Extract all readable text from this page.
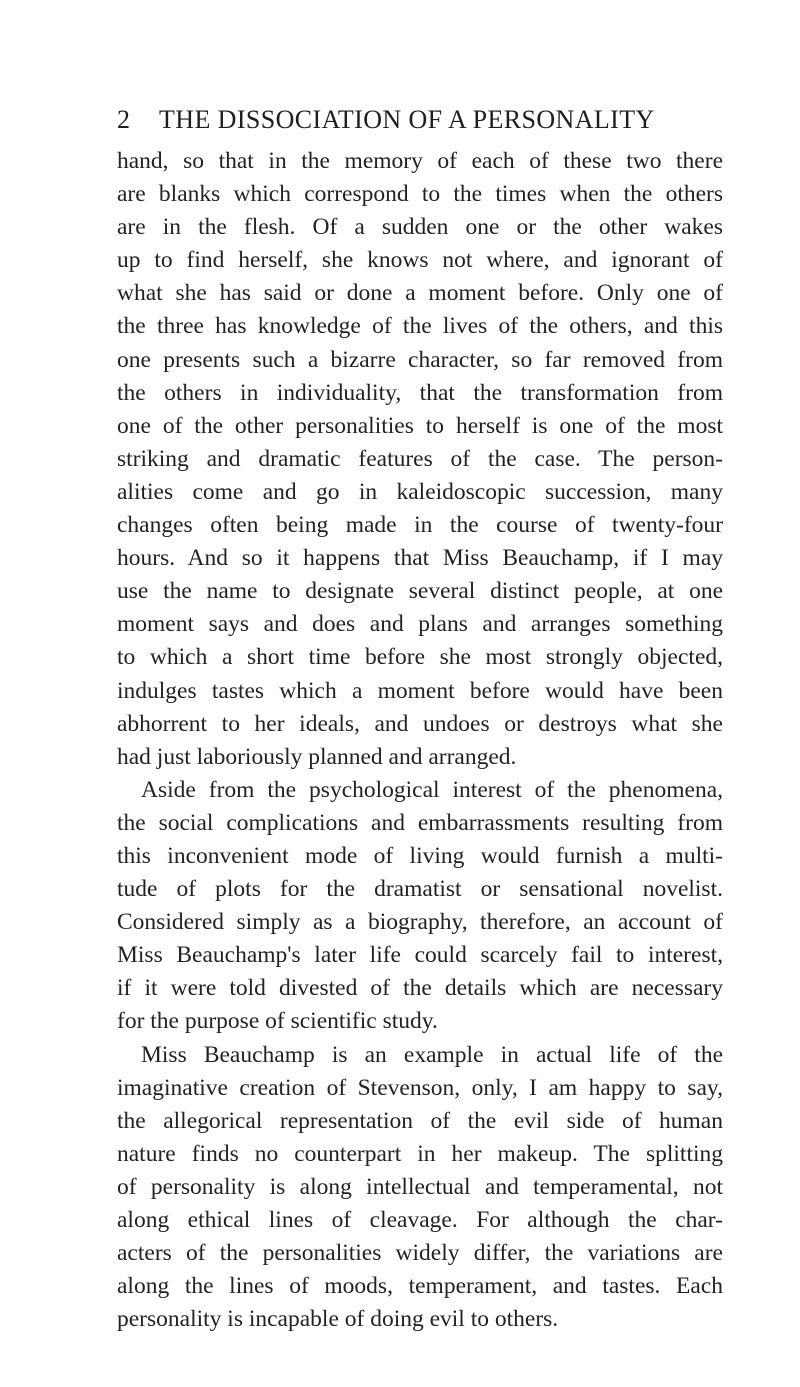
2 THE DISSOCIATION OF A PERSONALITY
hand, so that in the memory of each of these two there
are blanks which correspond to the times when the others
are in the flesh. Of a sudden one or the other wakes
up to find herself, she knows not where, and ignorant of
what she has said or done a moment before. Only one of
the three has knowledge of the lives of the others, and this
one presents such a bizarre character, so far removed from
the others in individuality, that the transformation from
one of the other personalities to herself is one of the most
striking and dramatic features of the case. The person-
alities come and go in kaleidoscopic succession, many
changes often being made in the course of twenty-four
hours. And so it happens that Miss Beauchamp, if I may
use the name to designate several distinct people, at one
moment says and does and plans and arranges something
to which a short time before she most strongly objected,
indulges tastes which a moment before would have been
abhorrent to her ideals, and undoes or destroys what she
had just laboriously planned and arranged.
Aside from the psychological interest of the phenomena,
the social complications and embarrassments resulting from
this inconvenient mode of living would furnish a multi-
tude of plots for the dramatist or sensational novelist.
Considered simply as a biography, therefore, an account of
Miss Beauchamp's later life could scarcely fail to interest,
if it were told divested of the details which are necessary
for the purpose of scientific study.
Miss Beauchamp is an example in actual life of the
imaginative creation of Stevenson, only, I am happy to say,
the allegorical representation of the evil side of human
nature finds no counterpart in her makeup. The splitting
of personality is along intellectual and temperamental, not
along ethical lines of cleavage. For although the char-
acters of the personalities widely differ, the variations are
along the lines of moods, temperament, and tastes. Each
personality is incapable of doing evil to others.
